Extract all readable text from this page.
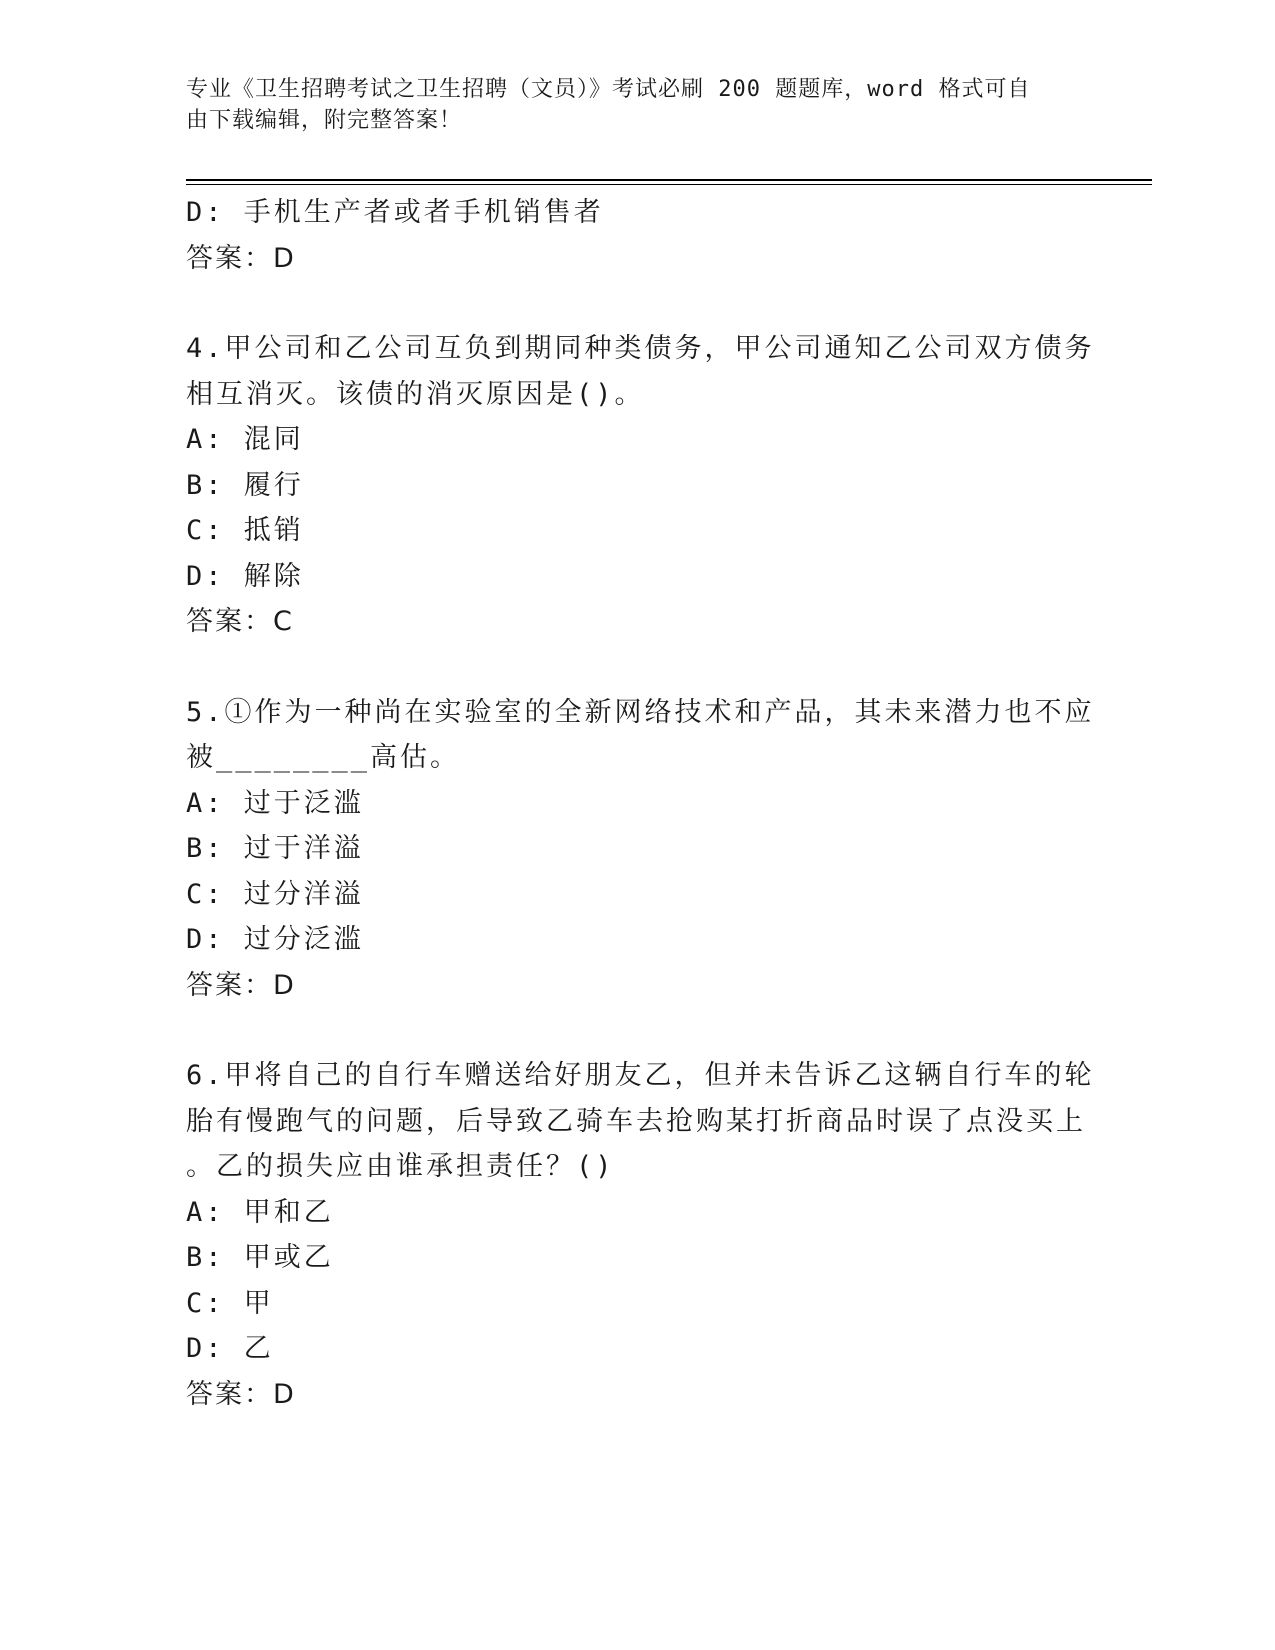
专业《卫生招聘考试之卫生招聘（文员）》考试必刷 200 题题库，word 格式可自
由下载编辑，附完整答案！
D: 手机生产者或者手机销售者
答案：D
4.甲公司和乙公司互负到期同种类债务，甲公司通知乙公司双方债务
相互消灭。该债的消灭原因是()。
A: 混同
B: 履行
C: 抵销
D: 解除
答案：C
5.①作为一种尚在实验室的全新网络技术和产品，其未来潜力也不应
被________高估。
A: 过于泛滥
B: 过于洋溢
C: 过分洋溢
D: 过分泛滥
答案：D
6.甲将自己的自行车赠送给好朋友乙，但并未告诉乙这辆自行车的轮
胎有慢跑气的问题，后导致乙骑车去抢购某打折商品时误了点没买上
。乙的损失应由谁承担责任？()
A: 甲和乙
B: 甲或乙
C: 甲
D: 乙
答案：D
